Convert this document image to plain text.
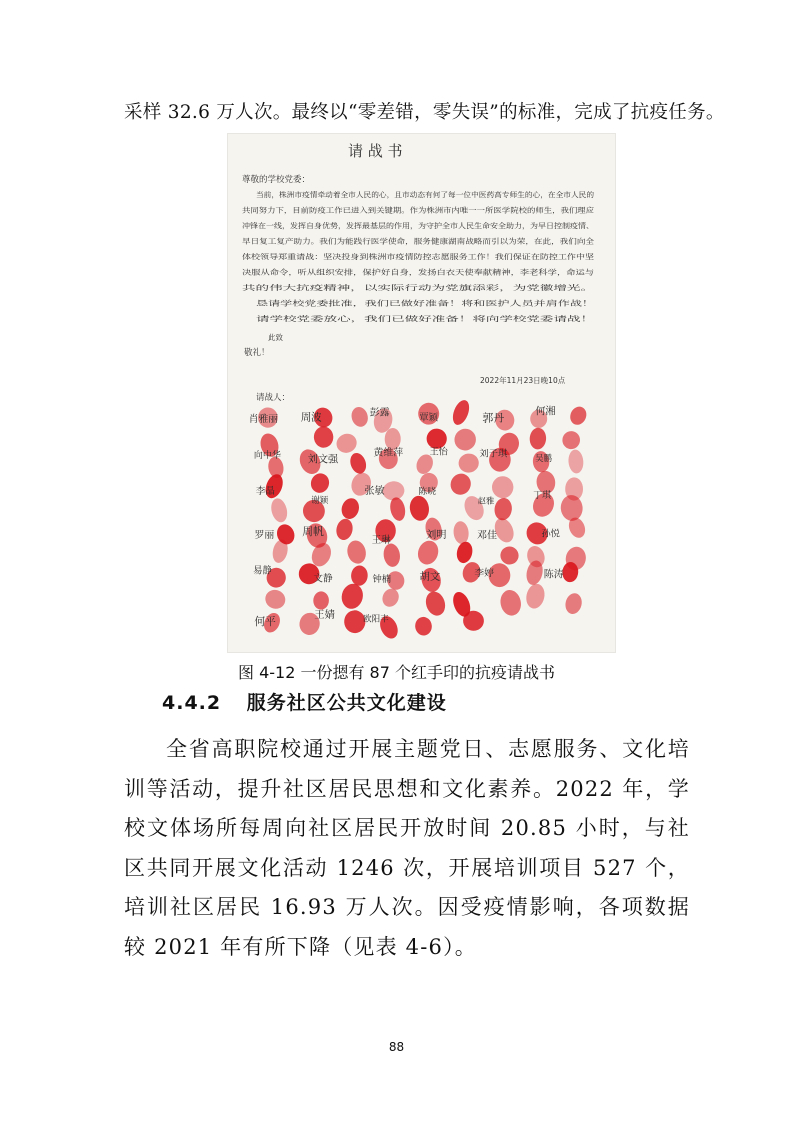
采样 32.6 万人次。最终以“零差错，零失误”的标准，完成了抗疫任务。
请 战 书
尊敬的学校党委：
当前，株洲市疫情牵动着全市人民的心，且市动态有何了每一位中医药高专师生的心，在全市人民的
共同努力下，目前防疫工作已进入到关键期。作为株洲市内唯一一所医学院校的师生，我们理应
冲锋在一线，发挥自身优势，发挥最基层的作用，为守护全市人民生命安全助力，为早日控制疫情、
早日复工复产助力。我们为能践行医学使命，服务健康湖南战略而引以为荣，在此，我们向全
体校领导郑重请战：坚决投身到株洲市疫情防控志愿服务工作！我们保证在防控工作中坚
决服从命令，听从组织安排，保护好自身，发扬白衣天使奉献精神，李老科学，命运与
共的伟大抗疫精神，以实际行动为党旗添彩，为党徽增光。
恳请学校党委批准，我们已做好准备！将和医护人员并肩作战！
请学校党委放心，我们已做好准备！将向学校党委请战！
此致
敬礼！
2022年11月23日晚10点
请战人：
肖雅丽 周波	彭露	覃颖	郭丹	何湘
向中华	刘文强
黄维萍	王怡	刘子琪	吴鹏
李晶
谢颖
张敏	陈晓
赵雅	丁琪
罗丽	周帆
王琳	刘明	邓佳	孙悦
易静
文静	钟楠	胡文	李婷	陈涛
何平	王婧	欧阳丰
图 4-12 一份摁有 87 个红手印的抗疫请战书
4.4.2 服务社区公共文化建设

全省高职院校通过开展主题党日、志愿服务、文化培训等活动，提升社区居民思想和文化素养。2022 年，学校文体场所每周向社区居民开放时间 20.85 小时，与社区共同开展文化活动 1246 次，开展培训项目 527 个，培训社区居民 16.93 万人次。因受疫情影响，各项数据较 2021 年有所下降（见表 4-6）。

88
